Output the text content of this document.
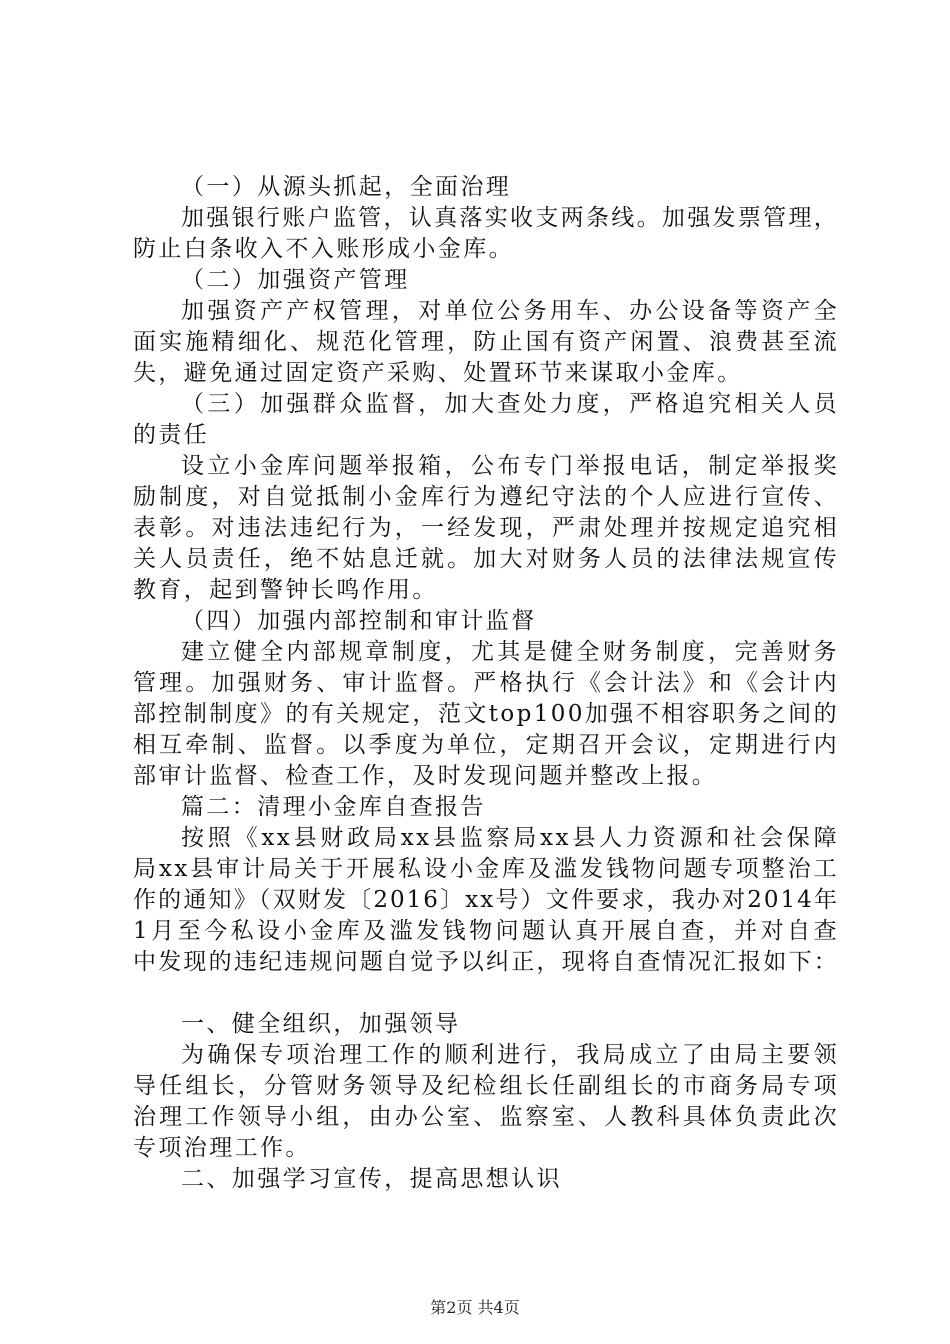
（一）从源头抓起，全面治理
加强银行账户监管，认真落实收支两条线。加强发票管理，
防止白条收入不入账形成小金库。
（二）加强资产管理
加强资产产权管理，对单位公务用车、办公设备等资产全
面实施精细化、规范化管理，防止国有资产闲置、浪费甚至流
失，避免通过固定资产采购、处置环节来谋取小金库。
（三）加强群众监督，加大查处力度，严格追究相关人员
的责任
设立小金库问题举报箱，公布专门举报电话，制定举报奖
励制度，对自觉抵制小金库行为遵纪守法的个人应进行宣传、
表彰。对违法违纪行为，一经发现，严肃处理并按规定追究相
关人员责任，绝不姑息迁就。加大对财务人员的法律法规宣传
教育，起到警钟长鸣作用。
（四）加强内部控制和审计监督
建立健全内部规章制度，尤其是健全财务制度，完善财务
管理。加强财务、审计监督。严格执行《会计法》和《会计内
部控制制度》的有关规定，范文top100加强不相容职务之间的
相互牵制、监督。以季度为单位，定期召开会议，定期进行内
部审计监督、检查工作，及时发现问题并整改上报。
篇二：清理小金库自查报告
按照《xx县财政局xx县监察局xx县人力资源和社会保障
局xx县审计局关于开展私设小金库及滥发钱物问题专项整治工
作的通知》（双财发〔2016〕xx号）文件要求，我办对2014年
1月至今私设小金库及滥发钱物问题认真开展自查，并对自查
中发现的违纪违规问题自觉予以纠正，现将自查情况汇报如下：
一、健全组织，加强领导
为确保专项治理工作的顺利进行，我局成立了由局主要领
导任组长，分管财务领导及纪检组长任副组长的市商务局专项
治理工作领导小组，由办公室、监察室、人教科具体负责此次
专项治理工作。
二、加强学习宣传，提高思想认识
第2页 共4页
